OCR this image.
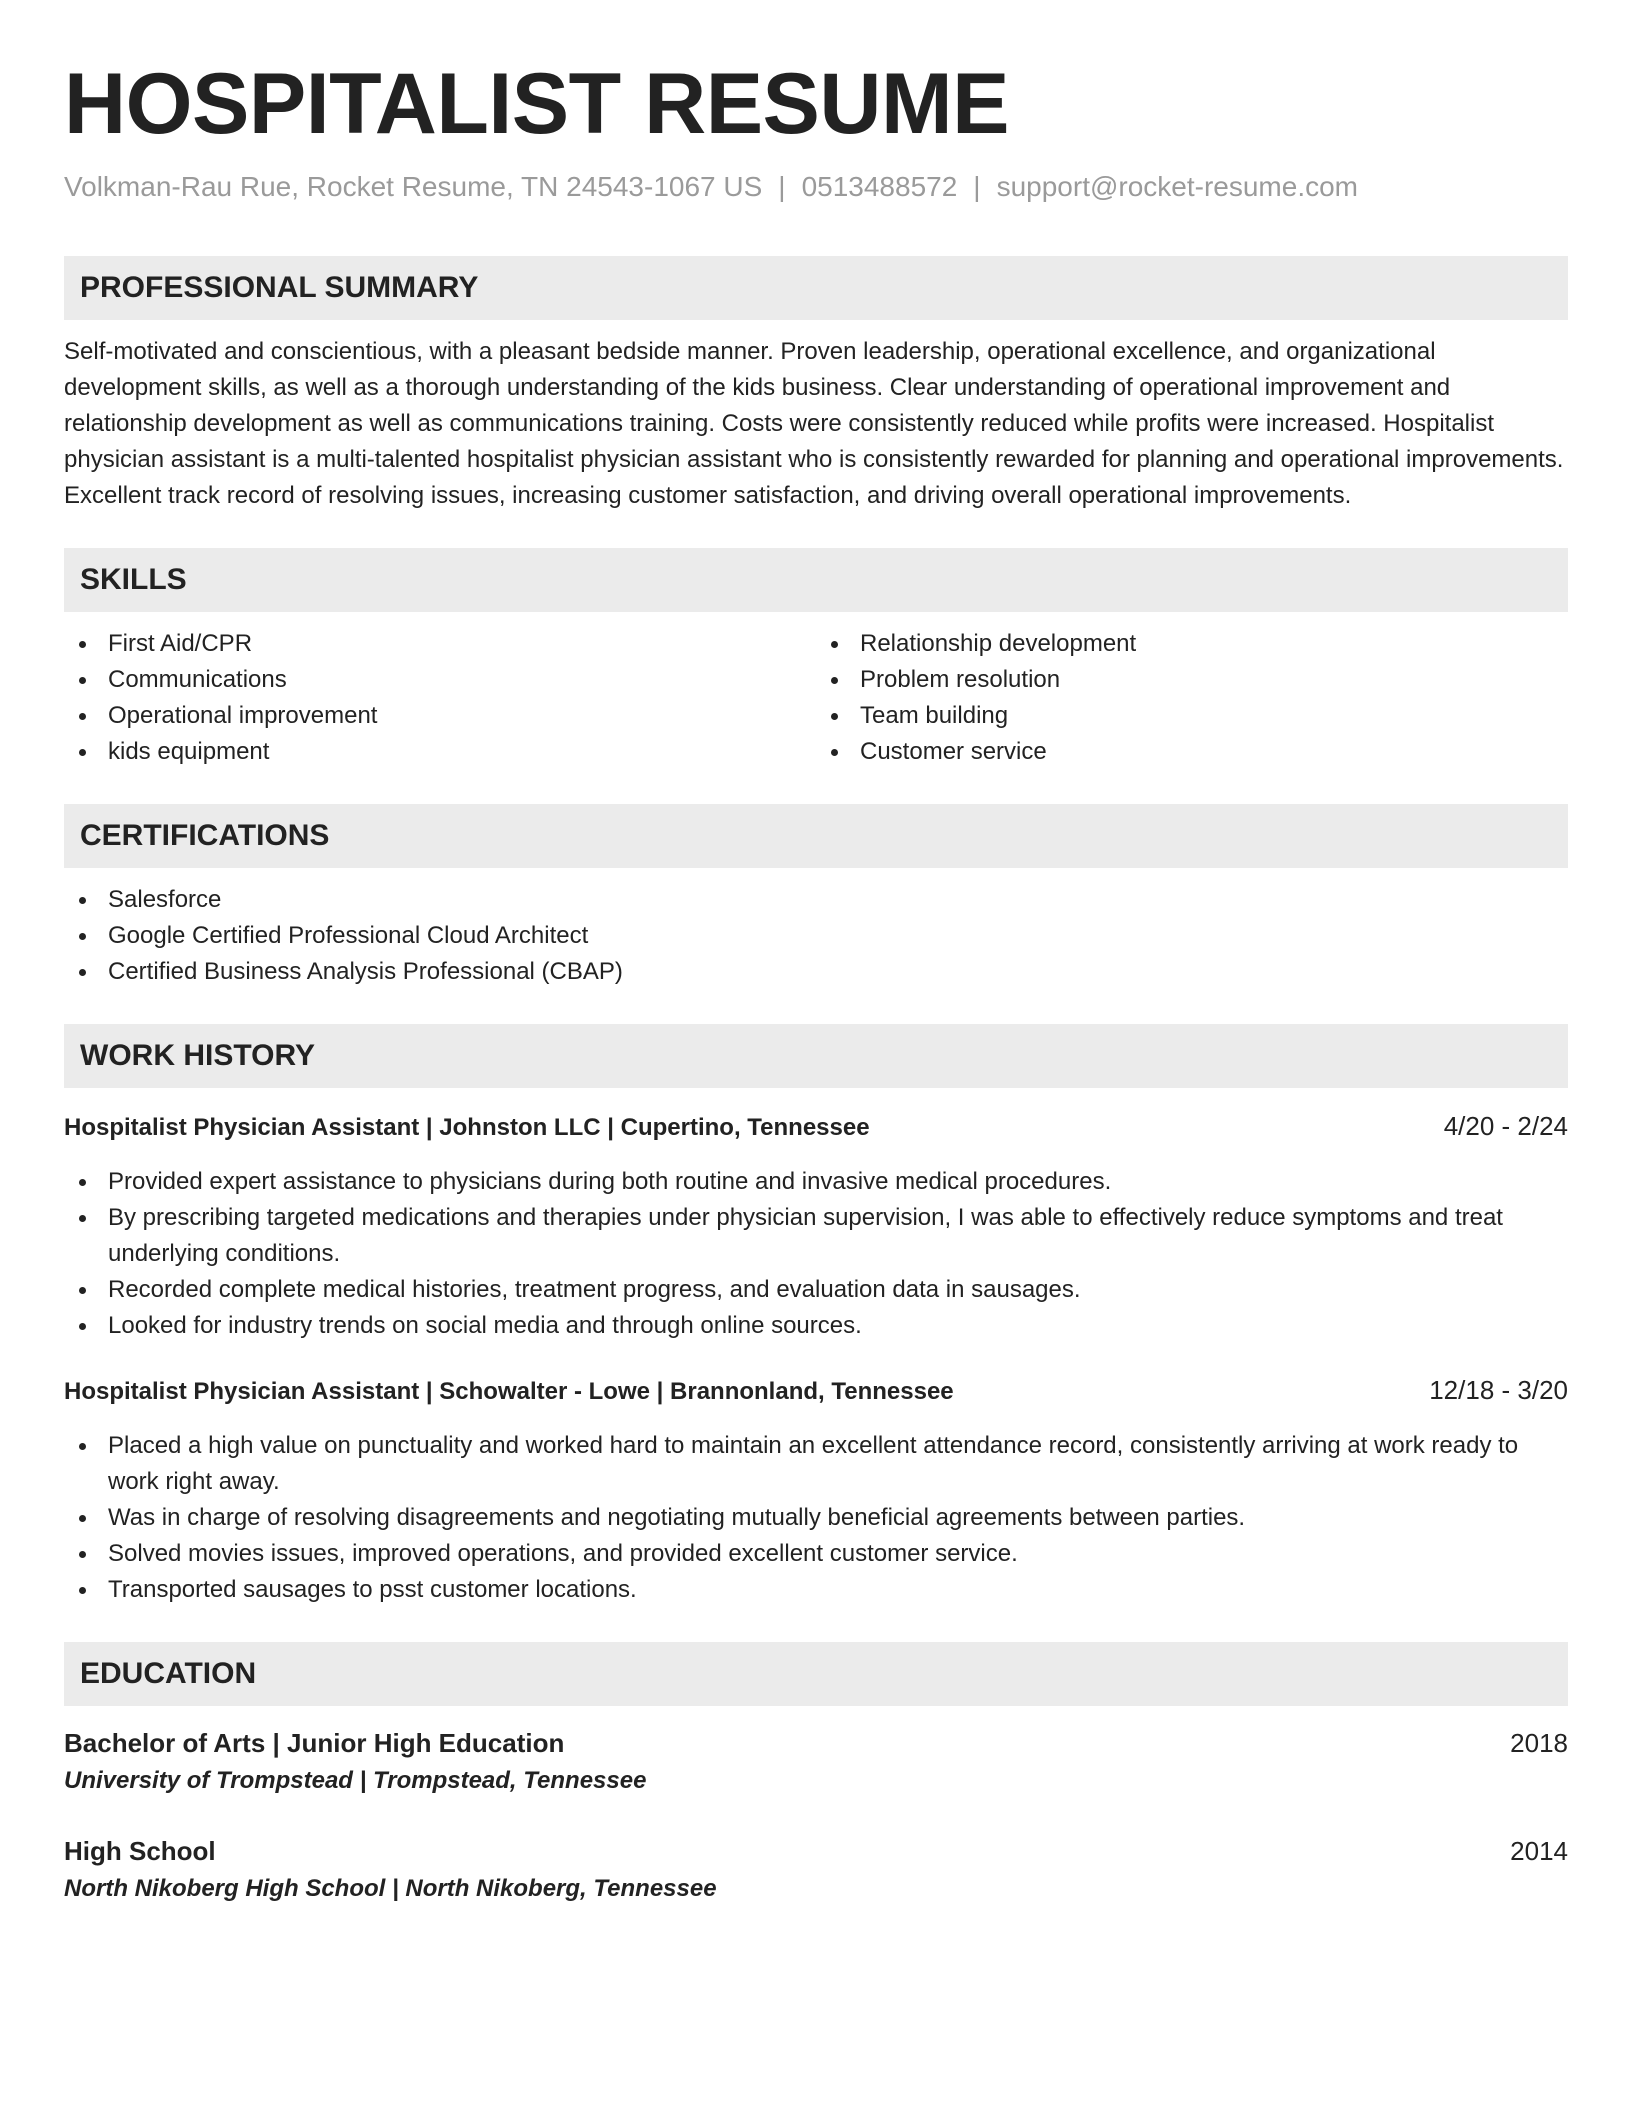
HOSPITALIST RESUME
Volkman-Rau Rue, Rocket Resume, TN 24543-1067 US | 0513488572 | support@rocket-resume.com
PROFESSIONAL SUMMARY

Self-motivated and conscientious, with a pleasant bedside manner. Proven leadership, operational excellence, and organizational development skills, as well as a thorough understanding of the kids business. Clear understanding of operational improvement and relationship development as well as communications training. Costs were consistently reduced while profits were increased. Hospitalist physician assistant is a multi-talented hospitalist physician assistant who is consistently rewarded for planning and operational improvements. Excellent track record of resolving issues, increasing customer satisfaction, and driving overall operational improvements.

SKILLS
First Aid/CPR
Communications
Operational improvement
kids equipment
Relationship development
Problem resolution
Team building
Customer service
CERTIFICATIONS
Salesforce
Google Certified Professional Cloud Architect
Certified Business Analysis Professional (CBAP)
WORK HISTORY
Hospitalist Physician Assistant | Johnston LLC | Cupertino, Tennessee	4/20 - 2/24
Provided expert assistance to physicians during both routine and invasive medical procedures.
By prescribing targeted medications and therapies under physician supervision, I was able to effectively reduce symptoms and treat underlying conditions.
Recorded complete medical histories, treatment progress, and evaluation data in sausages.
Looked for industry trends on social media and through online sources.
Hospitalist Physician Assistant | Schowalter - Lowe | Brannonland, Tennessee	12/18 - 3/20
Placed a high value on punctuality and worked hard to maintain an excellent attendance record, consistently arriving at work ready to work right away.
Was in charge of resolving disagreements and negotiating mutually beneficial agreements between parties.
Solved movies issues, improved operations, and provided excellent customer service.
Transported sausages to psst customer locations.
EDUCATION
Bachelor of Arts | Junior High Education	2018
University of Trompstead | Trompstead, Tennessee
High School	2014
North Nikoberg High School | North Nikoberg, Tennessee
